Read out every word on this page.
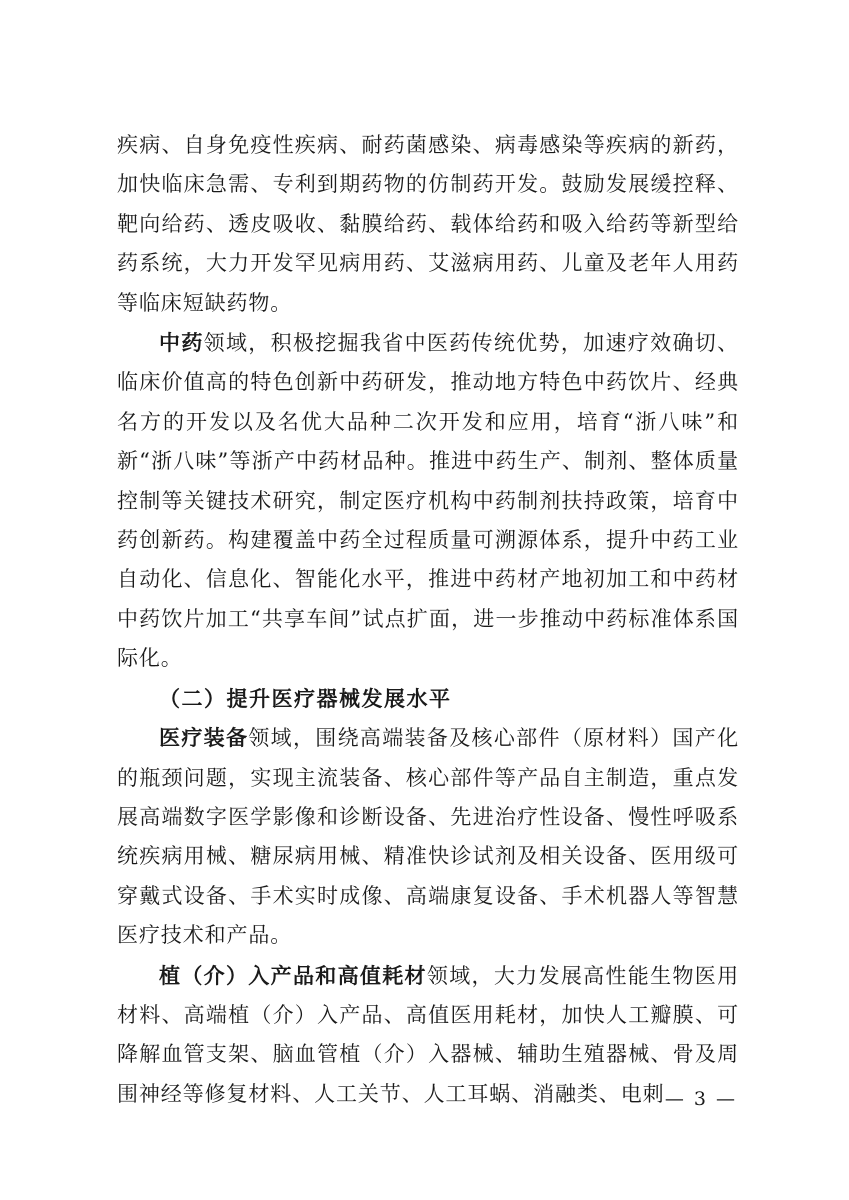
疾病、自身免疫性疾病、耐药菌感染、病毒感染等疾病的新药，加快临床急需、专利到期药物的仿制药开发。鼓励发展缓控释、靶向给药、透皮吸收、黏膜给药、载体给药和吸入给药等新型给药系统，大力开发罕见病用药、艾滋病用药、儿童及老年人用药等临床短缺药物。

中药领域，积极挖掘我省中医药传统优势，加速疗效确切、临床价值高的特色创新中药研发，推动地方特色中药饮片、经典名方的开发以及名优大品种二次开发和应用，培育“浙八味”和新“浙八味”等浙产中药材品种。推进中药生产、制剂、整体质量控制等关键技术研究，制定医疗机构中药制剂扶持政策，培育中药创新药。构建覆盖中药全过程质量可溯源体系，提升中药工业自动化、信息化、智能化水平，推进中药材产地初加工和中药材中药饮片加工“共享车间”试点扩面，进一步推动中药标准体系国际化。

（二）提升医疗器械发展水平

医疗装备领域，围绕高端装备及核心部件（原材料）国产化的瓶颈问题，实现主流装备、核心部件等产品自主制造，重点发展高端数字医学影像和诊断设备、先进治疗性设备、慢性呼吸系统疾病用械、糖尿病用械、精准快诊试剂及相关设备、医用级可穿戴式设备、手术实时成像、高端康复设备、手术机器人等智慧医疗技术和产品。

植（介）入产品和高值耗材领域，大力发展高性能生物医用材料、高端植（介）入产品、高值医用耗材，加快人工瓣膜、可降解血管支架、脑血管植（介）入器械、辅助生殖器械、骨及周围神经等修复材料、人工关节、人工耳蜗、消融类、电刺 — 3 —
